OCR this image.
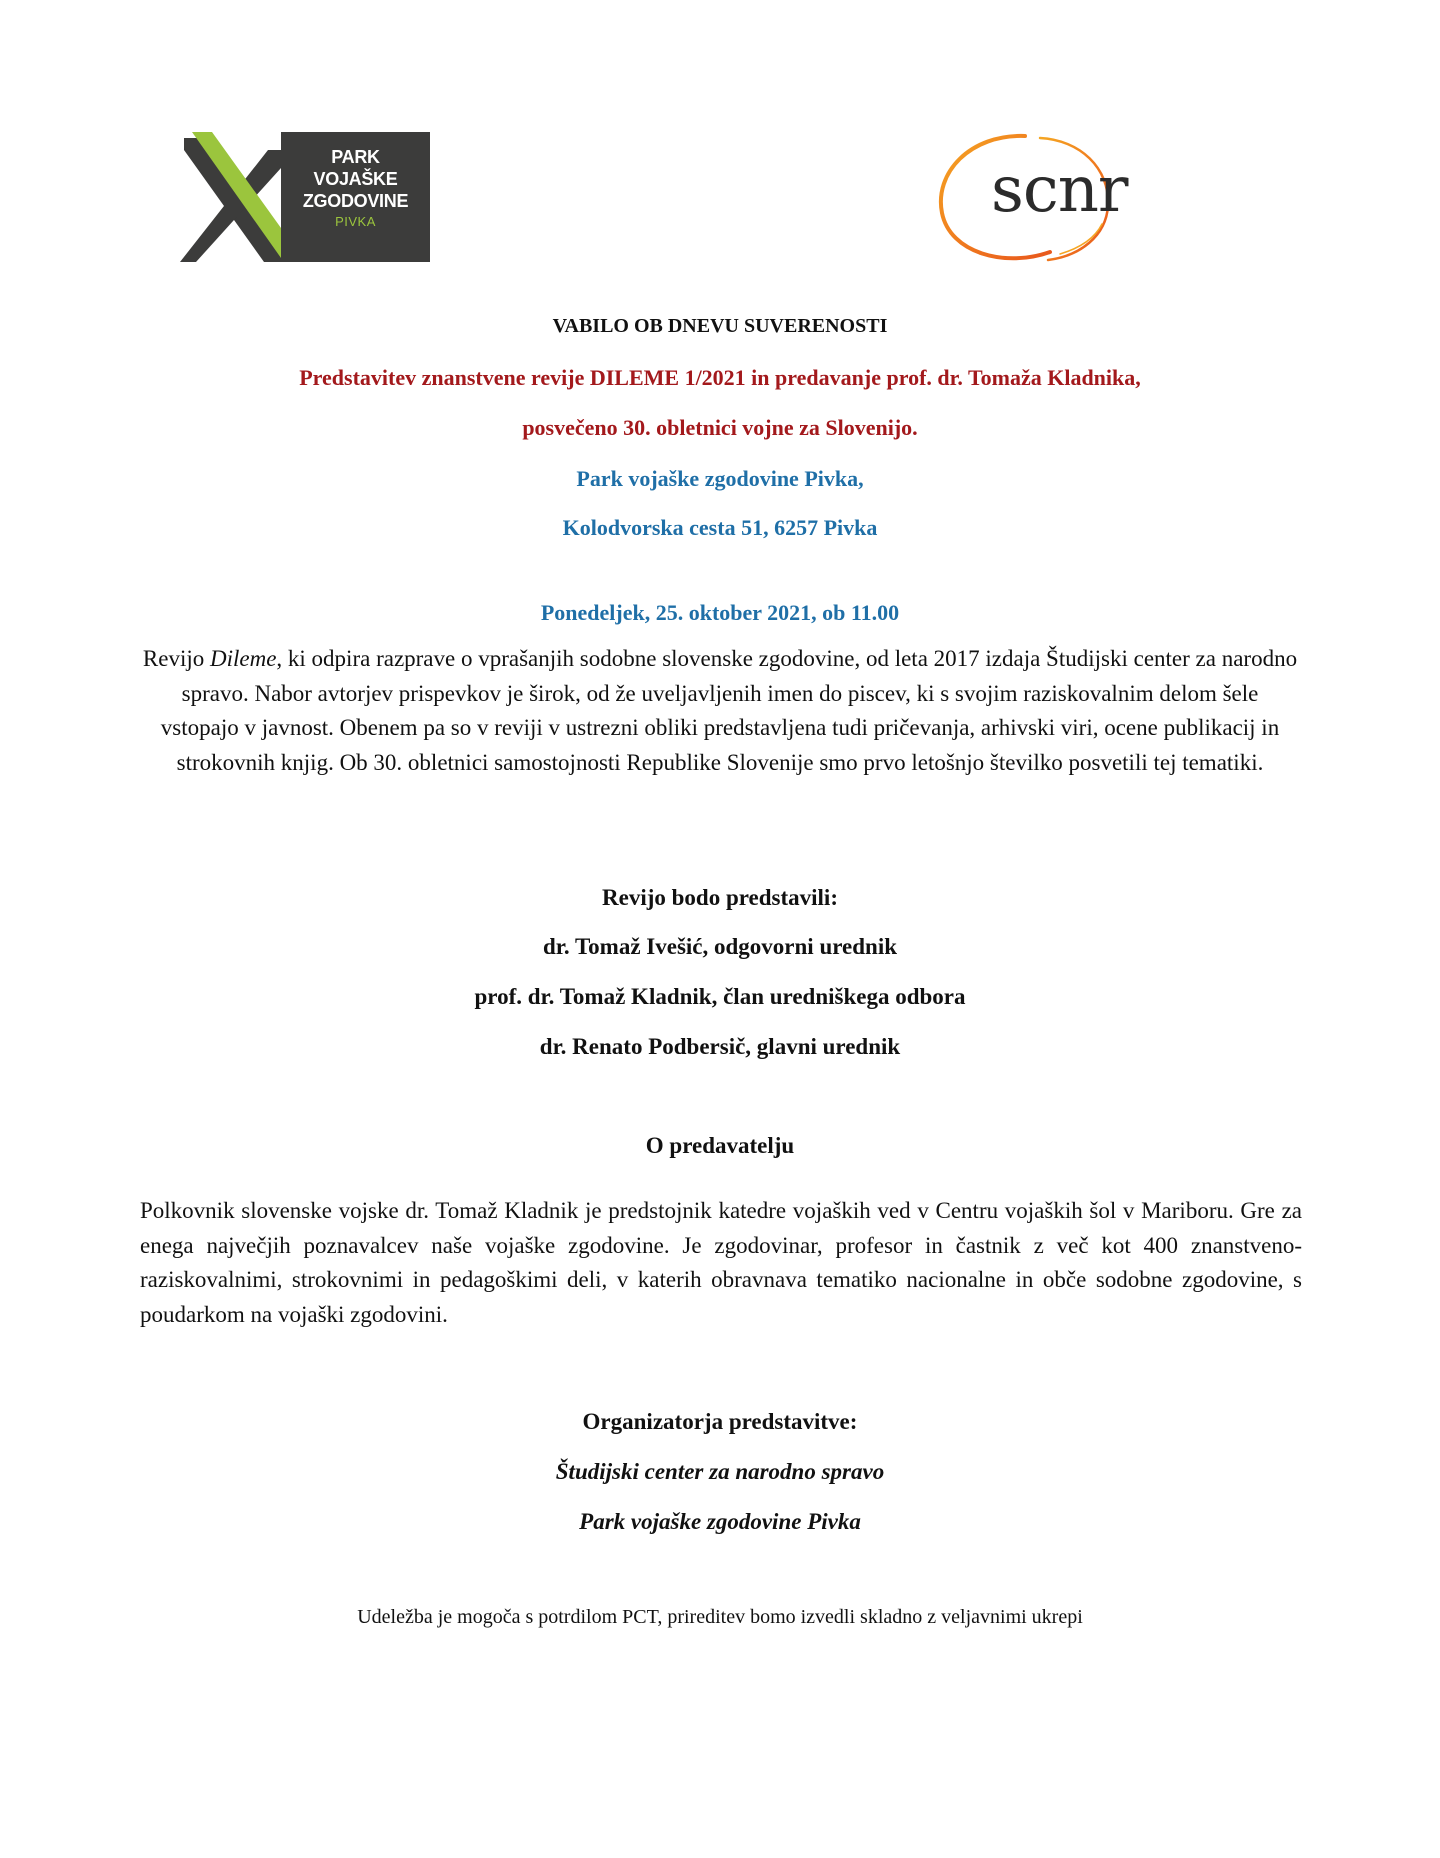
PARK
VOJAŠKE
ZGODOVINE
PIVKA	scnr
VABILO OB DNEVU SUVERENOSTI
Predstavitev znanstvene revije DILEME 1/2021 in predavanje prof. dr. Tomaža Kladnika,
posvečeno 30. obletnici vojne za Slovenijo.
Park vojaške zgodovine Pivka,
Kolodvorska cesta 51, 6257 Pivka
Ponedeljek, 25. oktober 2021, ob 11.00
Revijo Dileme, ki odpira razprave o vprašanjih sodobne slovenske zgodovine, od leta 2017 izdaja Študijski center za narodno spravo. Nabor avtorjev prispevkov je širok, od že uveljavljenih imen do piscev, ki s svojim raziskovalnim delom šele vstopajo v javnost. Obenem pa so v reviji v ustrezni obliki predstavljena tudi pričevanja, arhivski viri, ocene publikacij in strokovnih knjig. Ob 30. obletnici samostojnosti Republike Slovenije smo prvo letošnjo številko posvetili tej tematiki.
Revijo bodo predstavili:
dr. Tomaž Ivešić, odgovorni urednik
prof. dr. Tomaž Kladnik, član uredniškega odbora
dr. Renato Podbersič, glavni urednik
O predavatelju
Polkovnik slovenske vojske dr. Tomaž Kladnik je predstojnik katedre vojaških ved v Centru vojaških šol v Mariboru. Gre za enega največjih poznavalcev naše vojaške zgodovine. Je zgodovinar, profesor in častnik z več kot 400 znanstveno-raziskovalnimi, strokovnimi in pedagoškimi deli, v katerih obravnava tematiko nacionalne in obče sodobne zgodovine, s poudarkom na vojaški zgodovini.
Organizatorja predstavitve:
Študijski center za narodno spravo
Park vojaške zgodovine Pivka
Udeležba je mogoča s potrdilom PCT, prireditev bomo izvedli skladno z veljavnimi ukrepi
